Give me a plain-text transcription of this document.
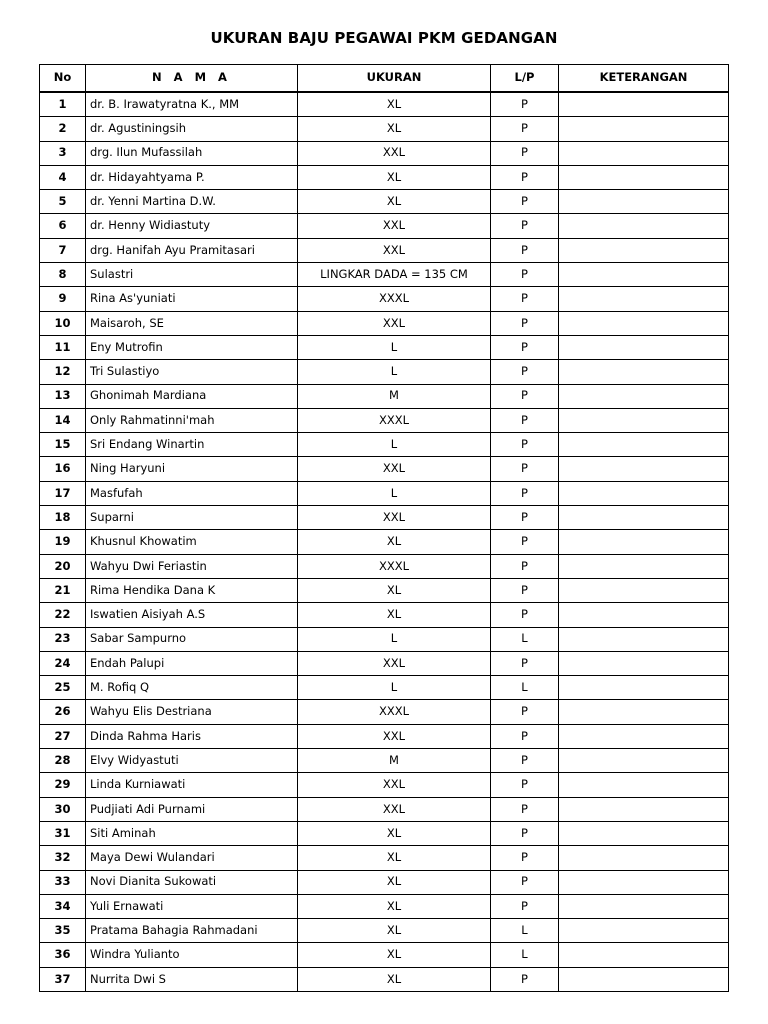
UKURAN BAJU PEGAWAI PKM GEDANGAN
No	N A M A	UKURAN	L/P	KETERANGAN
1	dr. B. Irawatyratna K., MM	XL	P	
2	dr. Agustiningsih	XL	P	
3	drg. Ilun Mufassilah	XXL	P	
4	dr. Hidayahtyama P.	XL	P	
5	dr. Yenni Martina D.W.	XL	P	
6	dr. Henny Widiastuty	XXL	P	
7	drg. Hanifah Ayu Pramitasari	XXL	P	
8	Sulastri	LINGKAR DADA = 135 CM	P	
9	Rina As'yuniati	XXXL	P	
10	Maisaroh, SE	XXL	P	
11	Eny Mutrofin	L	P	
12	Tri Sulastiyo	L	P	
13	Ghonimah Mardiana	M	P	
14	Only Rahmatinni'mah	XXXL	P	
15	Sri Endang Winartin	L	P	
16	Ning Haryuni	XXL	P	
17	Masfufah	L	P	
18	Suparni	XXL	P	
19	Khusnul Khowatim	XL	P	
20	Wahyu Dwi Feriastin	XXXL	P	
21	Rima Hendika Dana K	XL	P	
22	Iswatien Aisiyah A.S	XL	P	
23	Sabar Sampurno	L	L	
24	Endah Palupi	XXL	P	
25	M. Rofiq Q	L	L	
26	Wahyu Elis Destriana	XXXL	P	
27	Dinda Rahma Haris	XXL	P	
28	Elvy Widyastuti	M	P	
29	Linda Kurniawati	XXL	P	
30	Pudjiati Adi Purnami	XXL	P	
31	Siti Aminah	XL	P	
32	Maya Dewi Wulandari	XL	P	
33	Novi Dianita Sukowati	XL	P	
34	Yuli Ernawati	XL	P	
35	Pratama Bahagia Rahmadani	XL	L	
36	Windra Yulianto	XL	L	
37	Nurrita Dwi S	XL	P	
